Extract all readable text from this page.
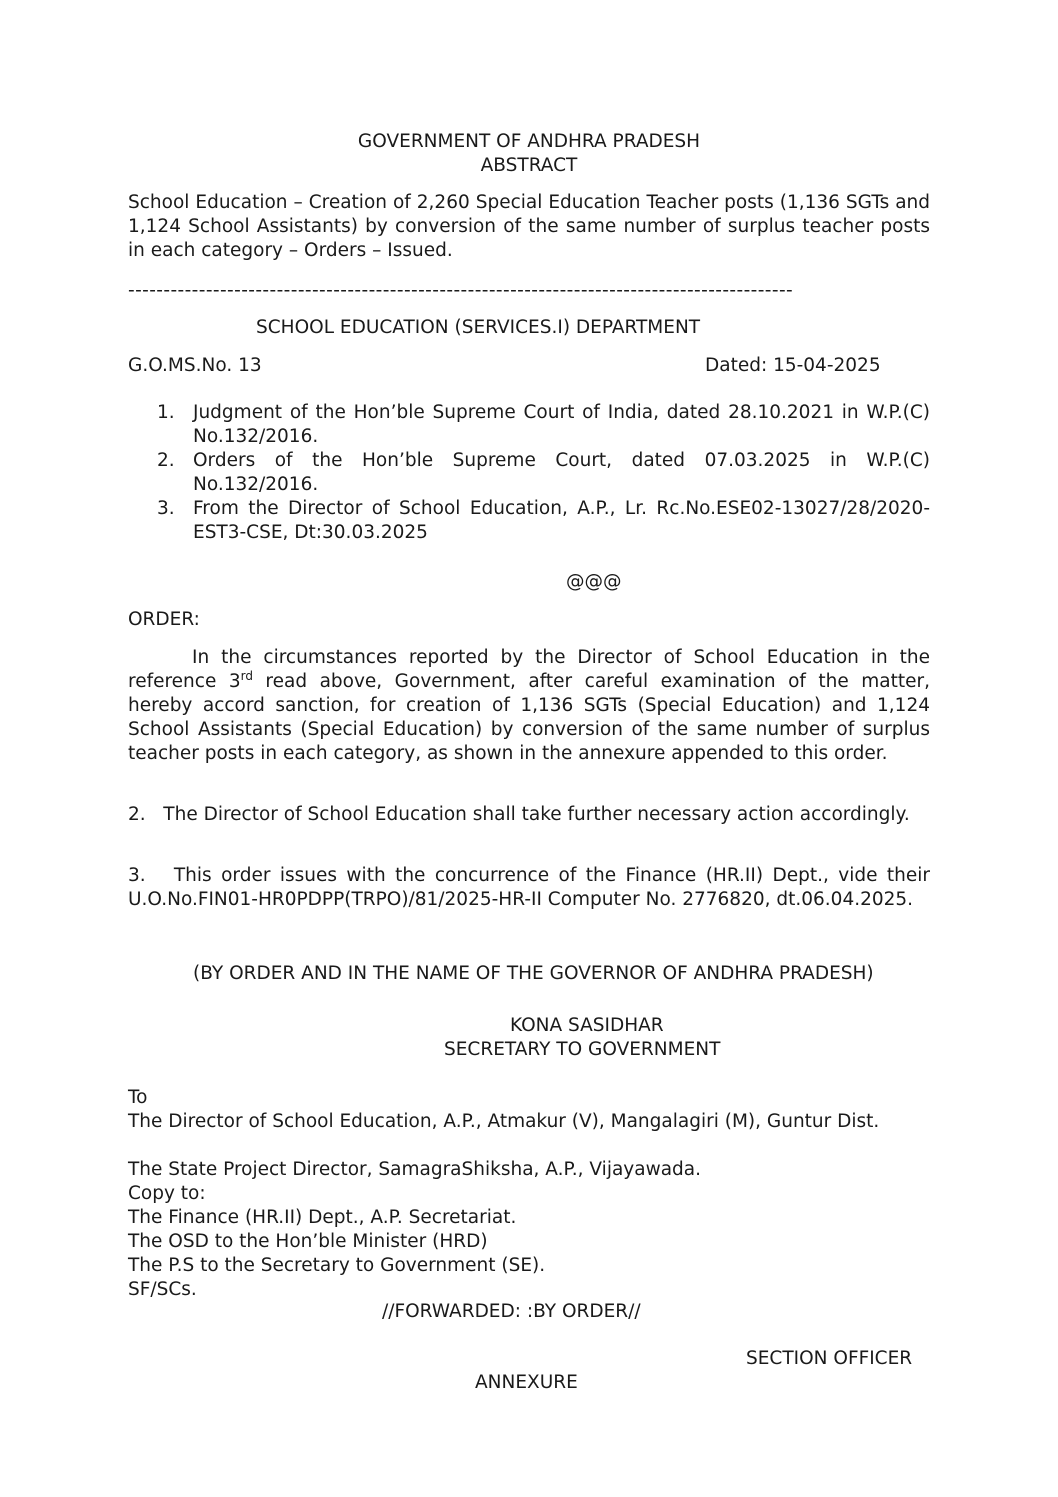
GOVERNMENT OF ANDHRA PRADESH
ABSTRACT
School Education – Creation of 2,260 Special Education Teacher posts (1,136 SGTs and 1,124 School Assistants) by conversion of the same number of surplus teacher posts in each category – Orders – Issued.
----------------------------------------------------------------------------------------------
SCHOOL EDUCATION (SERVICES.I) DEPARTMENT
G.O.MS.No. 13	Dated: 15-04-2025
1. Judgment of the Hon’ble Supreme Court of India, dated 28.10.2021 in W.P.(C) No.132/2016.
2. Orders of the Hon’ble Supreme Court, dated 07.03.2025 in W.P.(C) No.132/2016.
3. From the Director of School Education, A.P., Lr. Rc.No.ESE02-13027/28/2020-EST3-CSE, Dt:30.03.2025
@@@
ORDER:
In the circumstances reported by the Director of School Education in the reference 3rd read above, Government, after careful examination of the matter, hereby accord sanction, for creation of 1,136 SGTs (Special Education) and 1,124 School Assistants (Special Education) by conversion of the same number of surplus teacher posts in each category, as shown in the annexure appended to this order.
2.   The Director of School Education shall take further necessary action accordingly.
3.   This order issues with the concurrence of the Finance (HR.II) Dept., vide their U.O.No.FIN01-HR0PDPP(TRPO)/81/2025-HR-II Computer No. 2776820, dt.06.04.2025.
(BY ORDER AND IN THE NAME OF THE GOVERNOR OF ANDHRA PRADESH)
KONA SASIDHAR
SECRETARY TO GOVERNMENT
To
The Director of School Education, A.P., Atmakur (V), Mangalagiri (M), Guntur Dist.
The State Project Director, SamagraShiksha, A.P., Vijayawada.
Copy to:
The Finance (HR.II) Dept., A.P. Secretariat.
The OSD to the Hon’ble Minister (HRD)
The P.S to the Secretary to Government (SE).
SF/SCs.
//FORWARDED: :BY ORDER//
SECTION OFFICER
ANNEXURE
